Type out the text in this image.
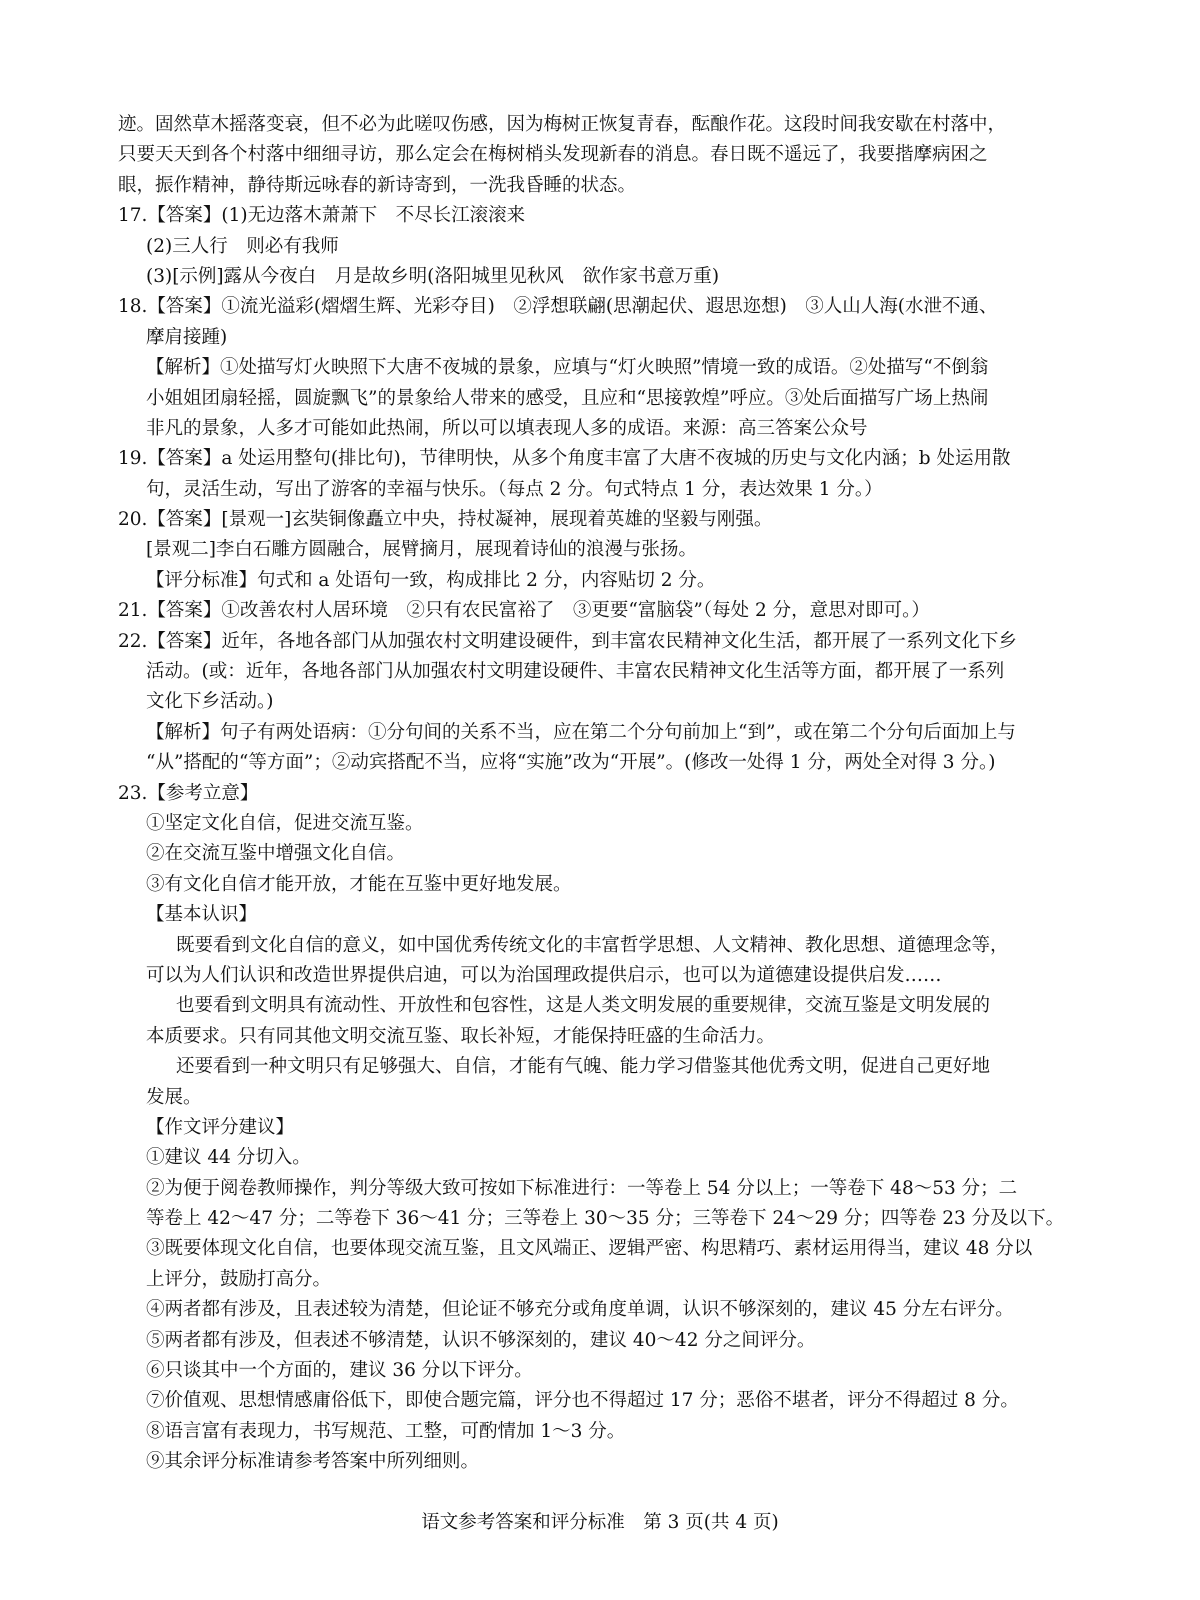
迹。固然草木摇落变衰，但不必为此嗟叹伤感，因为梅树正恢复青春，酝酿作花。这段时间我安歇在村落中，
只要天天到各个村落中细细寻访，那么定会在梅树梢头发现新春的消息。春日既不遥远了，我要揩摩病困之
眼，振作精神，静待斯远咏春的新诗寄到，一洗我昏睡的状态。
17.【答案】(1)无边落木萧萧下　不尽长江滚滚来
(2)三人行　则必有我师
(3)[示例]露从今夜白　月是故乡明(洛阳城里见秋风　欲作家书意万重)
18.【答案】①流光溢彩(熠熠生辉、光彩夺目)　②浮想联翩(思潮起伏、遐思迩想)　③人山人海(水泄不通、
摩肩接踵)
【解析】①处描写灯火映照下大唐不夜城的景象，应填与“灯火映照”情境一致的成语。②处描写“不倒翁
小姐姐团扇轻摇，圆旋飘飞”的景象给人带来的感受，且应和“思接敦煌”呼应。③处后面描写广场上热闹
非凡的景象，人多才可能如此热闹，所以可以填表现人多的成语。来源：高三答案公众号
19.【答案】a 处运用整句(排比句)，节律明快，从多个角度丰富了大唐不夜城的历史与文化内涵；b 处运用散
句，灵活生动，写出了游客的幸福与快乐。（每点 2 分。句式特点 1 分，表达效果 1 分。）
20.【答案】[景观一]玄奘铜像矗立中央，持杖凝神，展现着英雄的坚毅与刚强。
[景观二]李白石雕方圆融合，展臂摘月，展现着诗仙的浪漫与张扬。
【评分标准】句式和 a 处语句一致，构成排比 2 分，内容贴切 2 分。
21.【答案】①改善农村人居环境　②只有农民富裕了　③更要“富脑袋”（每处 2 分，意思对即可。）
22.【答案】近年，各地各部门从加强农村文明建设硬件，到丰富农民精神文化生活，都开展了一系列文化下乡
活动。(或：近年，各地各部门从加强农村文明建设硬件、丰富农民精神文化生活等方面，都开展了一系列
文化下乡活动。)
【解析】句子有两处语病：①分句间的关系不当，应在第二个分句前加上“到”，或在第二个分句后面加上与
“从”搭配的“等方面”；②动宾搭配不当，应将“实施”改为“开展”。(修改一处得 1 分，两处全对得 3 分。)
23.【参考立意】
①坚定文化自信，促进交流互鉴。
②在交流互鉴中增强文化自信。
③有文化自信才能开放，才能在互鉴中更好地发展。
【基本认识】
既要看到文化自信的意义，如中国优秀传统文化的丰富哲学思想、人文精神、教化思想、道德理念等，
可以为人们认识和改造世界提供启迪，可以为治国理政提供启示，也可以为道德建设提供启发……
也要看到文明具有流动性、开放性和包容性，这是人类文明发展的重要规律，交流互鉴是文明发展的
本质要求。只有同其他文明交流互鉴、取长补短，才能保持旺盛的生命活力。
还要看到一种文明只有足够强大、自信，才能有气魄、能力学习借鉴其他优秀文明，促进自己更好地
发展。
【作文评分建议】
①建议 44 分切入。
②为便于阅卷教师操作，判分等级大致可按如下标准进行：一等卷上 54 分以上；一等卷下 48～53 分；二
等卷上 42～47 分；二等卷下 36～41 分；三等卷上 30～35 分；三等卷下 24～29 分；四等卷 23 分及以下。
③既要体现文化自信，也要体现交流互鉴，且文风端正、逻辑严密、构思精巧、素材运用得当，建议 48 分以
上评分，鼓励打高分。
④两者都有涉及，且表述较为清楚，但论证不够充分或角度单调，认识不够深刻的，建议 45 分左右评分。
⑤两者都有涉及，但表述不够清楚，认识不够深刻的，建议 40～42 分之间评分。
⑥只谈其中一个方面的，建议 36 分以下评分。
⑦价值观、思想情感庸俗低下，即使合题完篇，评分也不得超过 17 分；恶俗不堪者，评分不得超过 8 分。
⑧语言富有表现力，书写规范、工整，可酌情加 1～3 分。
⑨其余评分标准请参考答案中所列细则。
语文参考答案和评分标准　第 3 页(共 4 页)
